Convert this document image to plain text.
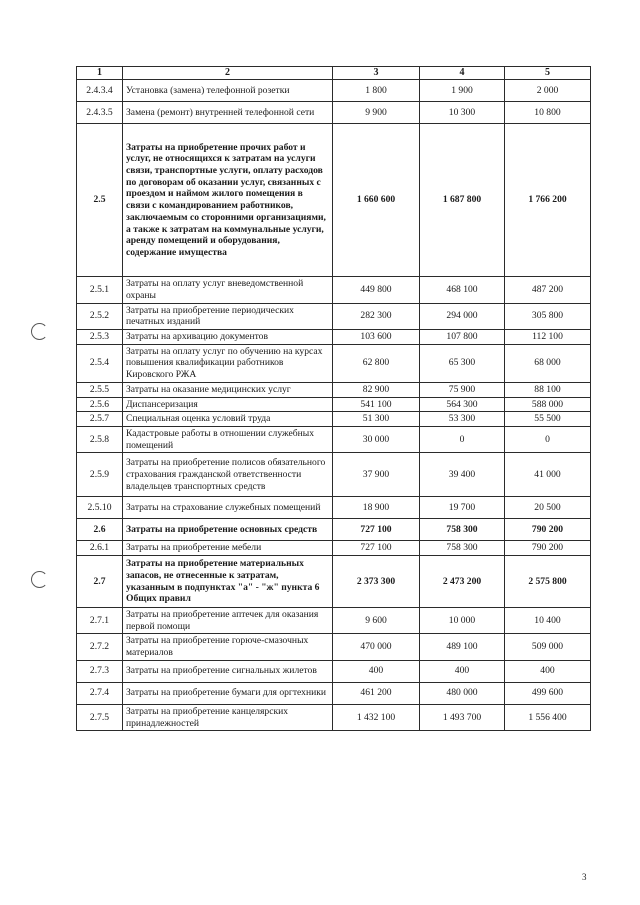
1	2	3	4	5
2.4.3.4	Установка (замена) телефонной розетки	1 800	1 900	2 000
2.4.3.5	Замена (ремонт) внутренней телефонной сети	9 900	10 300	10 800
2.5	Затраты на приобретение прочих работ и услуг, не относящихся к затратам на услуги связи, транспортные услуги, оплату расходов по договорам об оказании услуг, связанных с проездом и наймом жилого помещения в связи с командированием работников, заключаемым со сторонними организациями, а также к затратам на коммунальные услуги, аренду помещений и оборудования, содержание имущества	1 660 600	1 687 800	1 766 200
2.5.1	Затраты на оплату услуг вневедомственной охраны	449 800	468 100	487 200
2.5.2	Затраты на приобретение периодических печатных изданий	282 300	294 000	305 800
2.5.3	Затраты на архивацию документов	103 600	107 800	112 100
2.5.4	Затраты на оплату услуг по обучению на курсах повышения квалификации работников Кировского РЖА	62 800	65 300	68 000
2.5.5	Затраты на оказание медицинских услуг	82 900	75 900	88 100
2.5.6	Диспансеризация	541 100	564 300	588 000
2.5.7	Специальная оценка условий труда	51 300	53 300	55 500
2.5.8	Кадастровые работы в отношении служебных помещений	30 000	0	0
2.5.9	Затраты на приобретение полисов обязательного страхования гражданской ответственности владельцев транспортных средств	37 900	39 400	41 000
2.5.10	Затраты на страхование служебных помещений	18 900	19 700	20 500
2.6	Затраты на приобретение основных средств	727 100	758 300	790 200
2.6.1	Затраты на приобретение мебели	727 100	758 300	790 200
2.7	Затраты на приобретение материальных запасов, не отнесенные к затратам, указанным в подпунктах "а" - "ж" пункта 6 Общих правил	2 373 300	2 473 200	2 575 800
2.7.1	Затраты на приобретение аптечек для оказания первой помощи	9 600	10 000	10 400
2.7.2	Затраты на приобретение горюче-смазочных материалов	470 000	489 100	509 000
2.7.3	Затраты на приобретение сигнальных жилетов	400	400	400
2.7.4	Затраты на приобретение бумаги для оргтехники	461 200	480 000	499 600
2.7.5	Затраты на приобретение канцелярских принадлежностей	1 432 100	1 493 700	1 556 400
3
